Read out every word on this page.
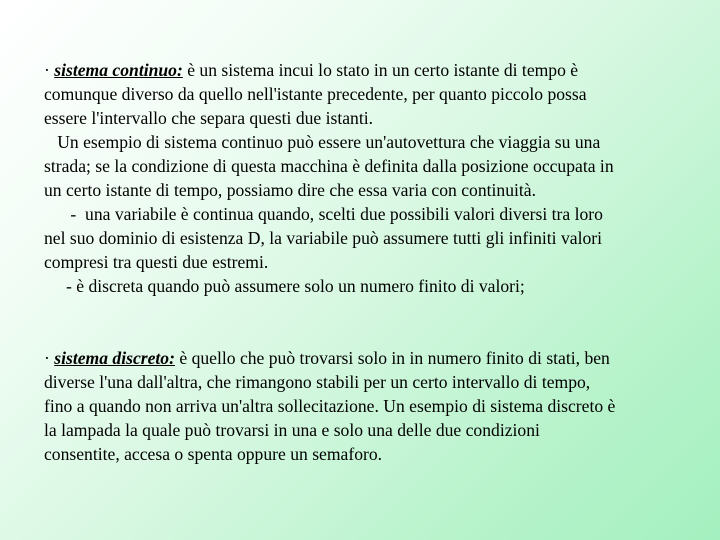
· sistema continuo: è un sistema incui lo stato in un certo istante di tempo è
comunque diverso da quello nell'istante precedente, per quanto piccolo possa
essere l'intervallo che separa questi due istanti.
Un esempio di sistema continuo può essere un'autovettura che viaggia su una
strada; se la condizione di questa macchina è definita dalla posizione occupata in
un certo istante di tempo, possiamo dire che essa varia con continuità.
-  una variabile è continua quando, scelti due possibili valori diversi tra loro
nel suo dominio di esistenza D, la variabile può assumere tutti gli infiniti valori
compresi tra questi due estremi.
- è discreta quando può assumere solo un numero finito di valori;
· sistema discreto: è quello che può trovarsi solo in in numero finito di stati, ben
diverse l'una dall'altra, che rimangono stabili per un certo intervallo di tempo,
fino a quando non arriva un'altra sollecitazione. Un esempio di sistema discreto è
la lampada la quale può trovarsi in una e solo una delle due condizioni
consentite, accesa o spenta oppure un semaforo.
